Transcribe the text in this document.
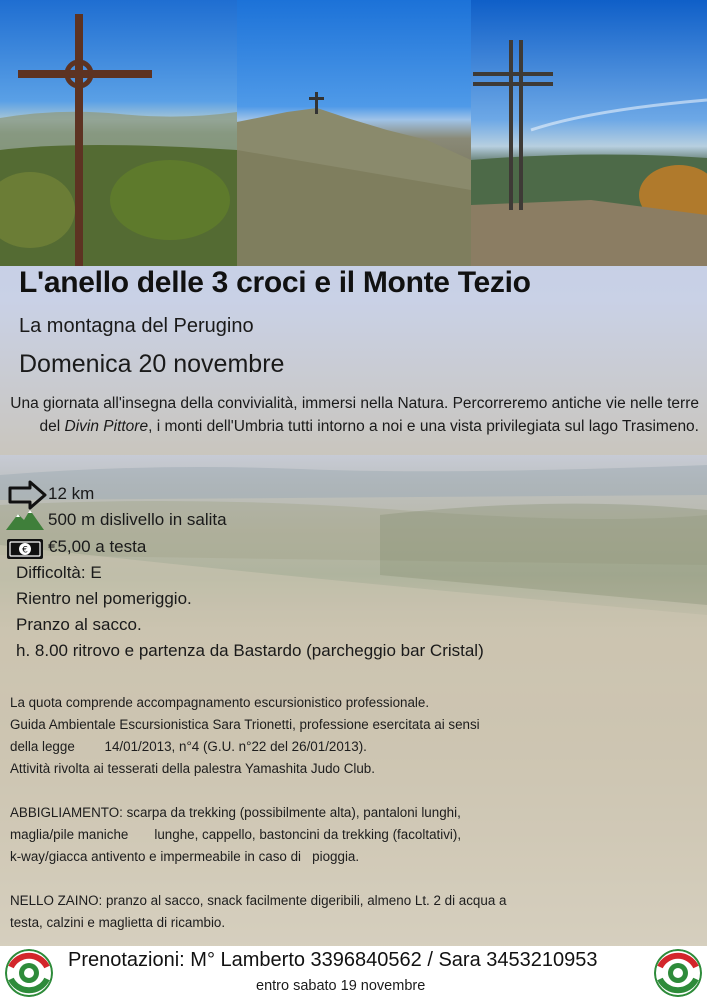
L'anello delle 3 croci e il Monte Tezio
La montagna del Perugino
Domenica 20 novembre
Una giornata all'insegna della convivialità, immersi nella Natura. Percorreremo antiche vie nelle terre del Divin Pittore, i monti dell'Umbria tutti intorno a noi e una vista privilegiata sul lago Trasimeno.
12 km
500 m dislivello in salita
€ €5,00 a testa
Difficoltà: E
Rientro nel pomeriggio.
Pranzo al sacco.
h. 8.00 ritrovo e partenza da Bastardo (parcheggio bar Cristal)

La quota comprende accompagnamento escursionistico professionale.
Guida Ambientale Escursionistica Sara Trionetti, professione esercitata ai sensi
della legge        14/01/2013, n°4 (G.U. n°22 del 26/01/2013).
Attività rivolta ai tesserati della palestra Yamashita Judo Club.

ABBIGLIAMENTO: scarpa da trekking (possibilmente alta), pantaloni lunghi,
maglia/pile maniche       lunghe, cappello, bastoncini da trekking (facoltativi),
k-way/giacca antivento e impermeabile in caso di   pioggia.

NELLO ZAINO: pranzo al sacco, snack facilmente digeribili, almeno Lt. 2 di acqua a
testa, calzini e maglietta di ricambio.

Prenotazioni: M° Lamberto 3396840562 / Sara 3453210953
entro sabato 19 novembre
